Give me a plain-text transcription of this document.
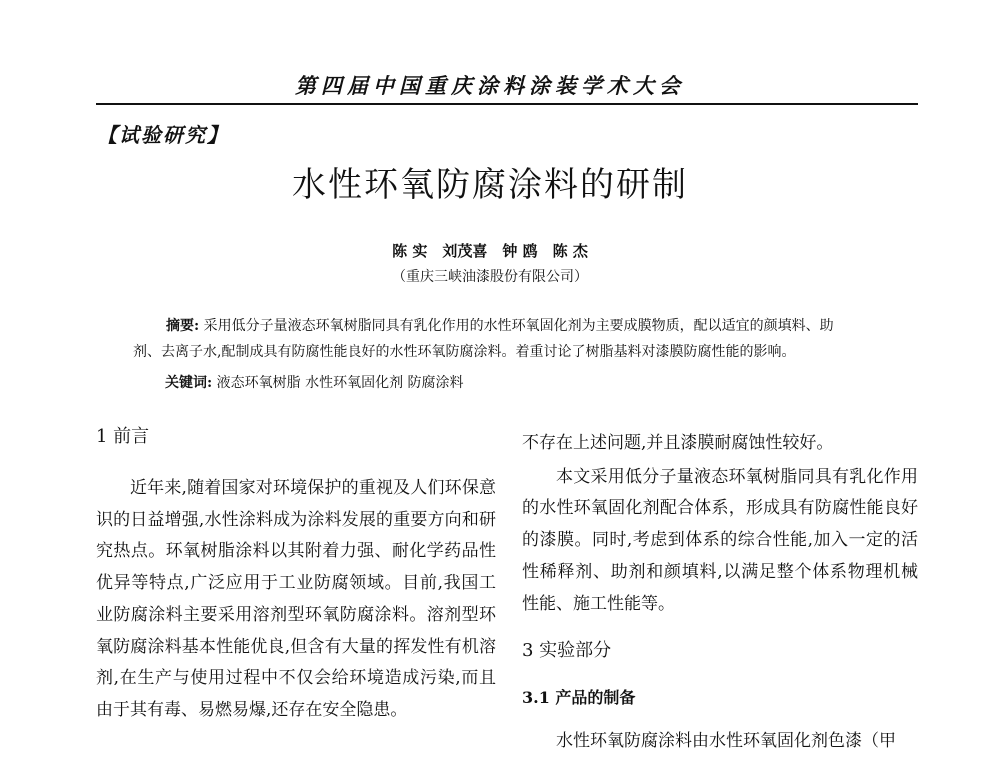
第四届中国重庆涂料涂装学术大会
【试验研究】
水性环氧防腐涂料的研制
陈 实　刘茂喜　钟 鸥　陈 杰
（重庆三峡油漆股份有限公司）
摘要: 采用低分子量液态环氧树脂同具有乳化作用的水性环氧固化剂为主要成膜物质，配以适宜的颜填料、助
剂、去离子水,配制成具有防腐性能良好的水性环氧防腐涂料。着重讨论了树脂基料对漆膜防腐性能的影响。
关键词: 液态环氧树脂 水性环氧固化剂 防腐涂料

1 前言

近年来,随着国家对环境保护的重视及人们环保意识的日益增强,水性涂料成为涂料发展的重要方向和研究热点。环氧树脂涂料以其附着力强、耐化学药品性优异等特点,广泛应用于工业防腐领域。目前,我国工业防腐涂料主要采用溶剂型环氧防腐涂料。溶剂型环氧防腐涂料基本性能优良,但含有大量的挥发性有机溶剂,在生产与使用过程中不仅会给环境造成污染,而且由于其有毒、易燃易爆,还存在安全隐患。

不存在上述问题,并且漆膜耐腐蚀性较好。

本文采用低分子量液态环氧树脂同具有乳化作用的水性环氧固化剂配合体系，形成具有防腐性能良好的漆膜。同时,考虑到体系的综合性能,加入一定的活性稀释剂、助剂和颜填料,以满足整个体系物理机械性能、施工性能等。

3 实验部分

3.1 产品的制备

水性环氧防腐涂料由水性环氧固化剂色漆（甲
